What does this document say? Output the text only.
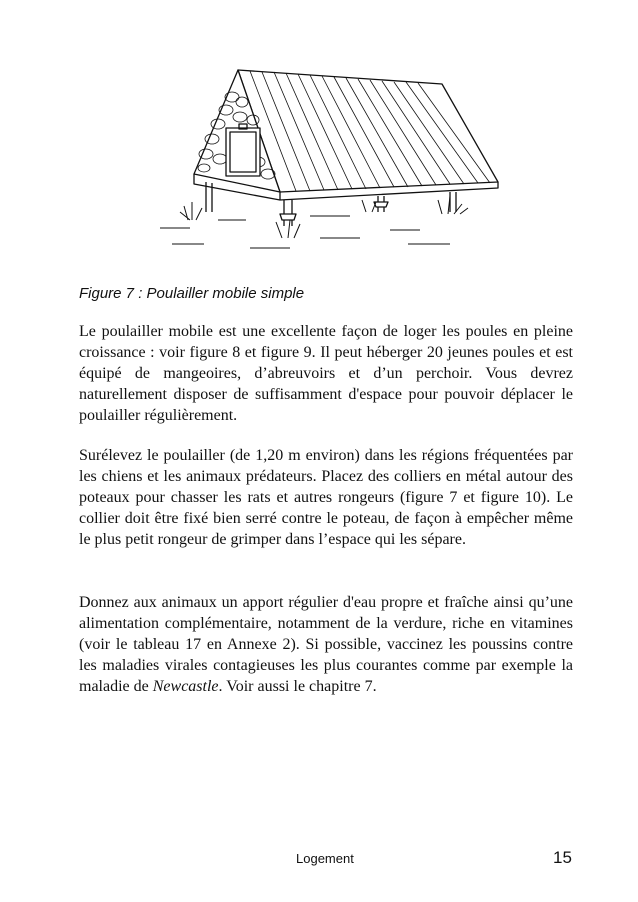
Figure 7 : Poulailler mobile simple

Le poulailler mobile est une excellente façon de loger les poules en pleine croissance : voir figure 8 et figure 9. Il peut héberger 20 jeunes poules et est équipé de mangeoires, d’abreuvoirs et d’un perchoir. Vous devrez naturellement disposer de suffisamment d'espace pour pouvoir déplacer le poulailler régulièrement.

Surélevez le poulailler (de 1,20 m environ) dans les régions fréquentées par les chiens et les animaux prédateurs. Placez des colliers en métal autour des poteaux pour chasser les rats et autres rongeurs (figure 7 et figure 10). Le collier doit être fixé bien serré contre le poteau, de façon à empêcher même le plus petit rongeur de grimper dans l’espace qui les sépare.

Donnez aux animaux un apport régulier d'eau propre et fraîche ainsi qu’une alimentation complémentaire, notamment de la verdure, riche en vitamines (voir le tableau 17 en Annexe 2). Si possible, vaccinez les poussins contre les maladies virales contagieuses les plus courantes comme par exemple la maladie de Newcastle. Voir aussi le chapitre 7.

Logement	15
